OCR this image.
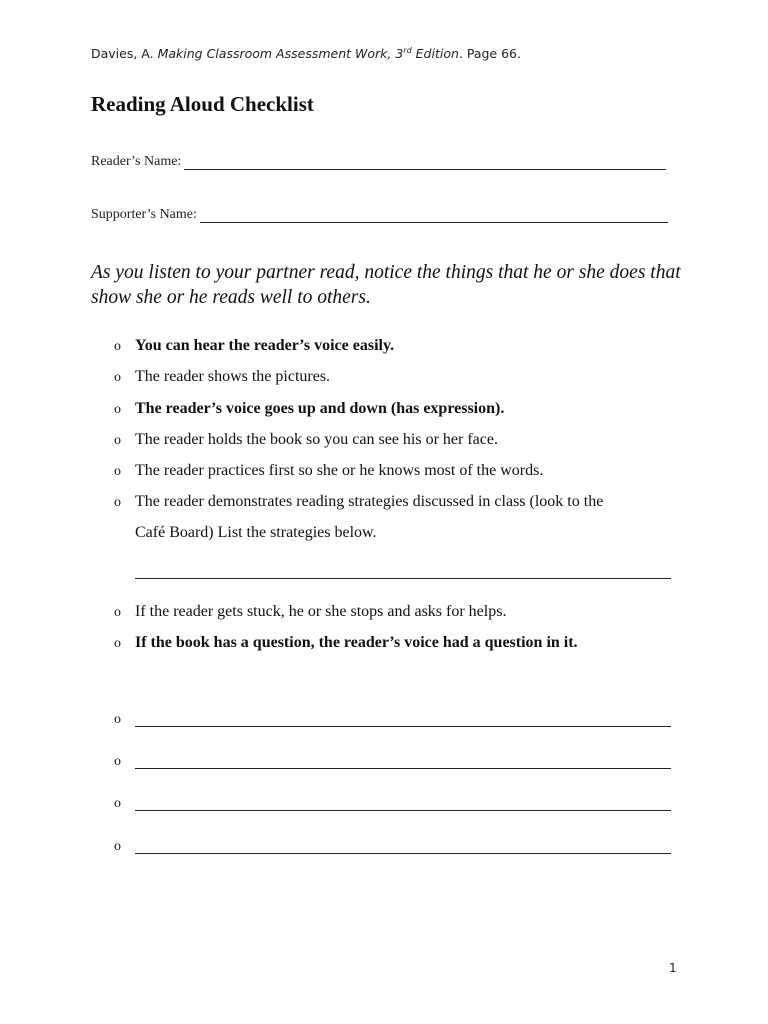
Davies, A. Making Classroom Assessment Work, 3rd Edition. Page 66.
Reading Aloud Checklist
Reader’s Name:
Supporter’s Name:

As you listen to your partner read, notice the things that he or she does that show she or he reads well to others.

o You can hear the reader’s voice easily.
o The reader shows the pictures.
o The reader’s voice goes up and down (has expression).
o The reader holds the book so you can see his or her face.
o The reader practices first so she or he knows most of the words.
o The reader demonstrates reading strategies discussed in class (look to the
Café Board) List the strategies below.
o If the reader gets stuck, he or she stops and asks for helps.
o If the book has a question, the reader’s voice had a question in it.
o
o
o
o
1
